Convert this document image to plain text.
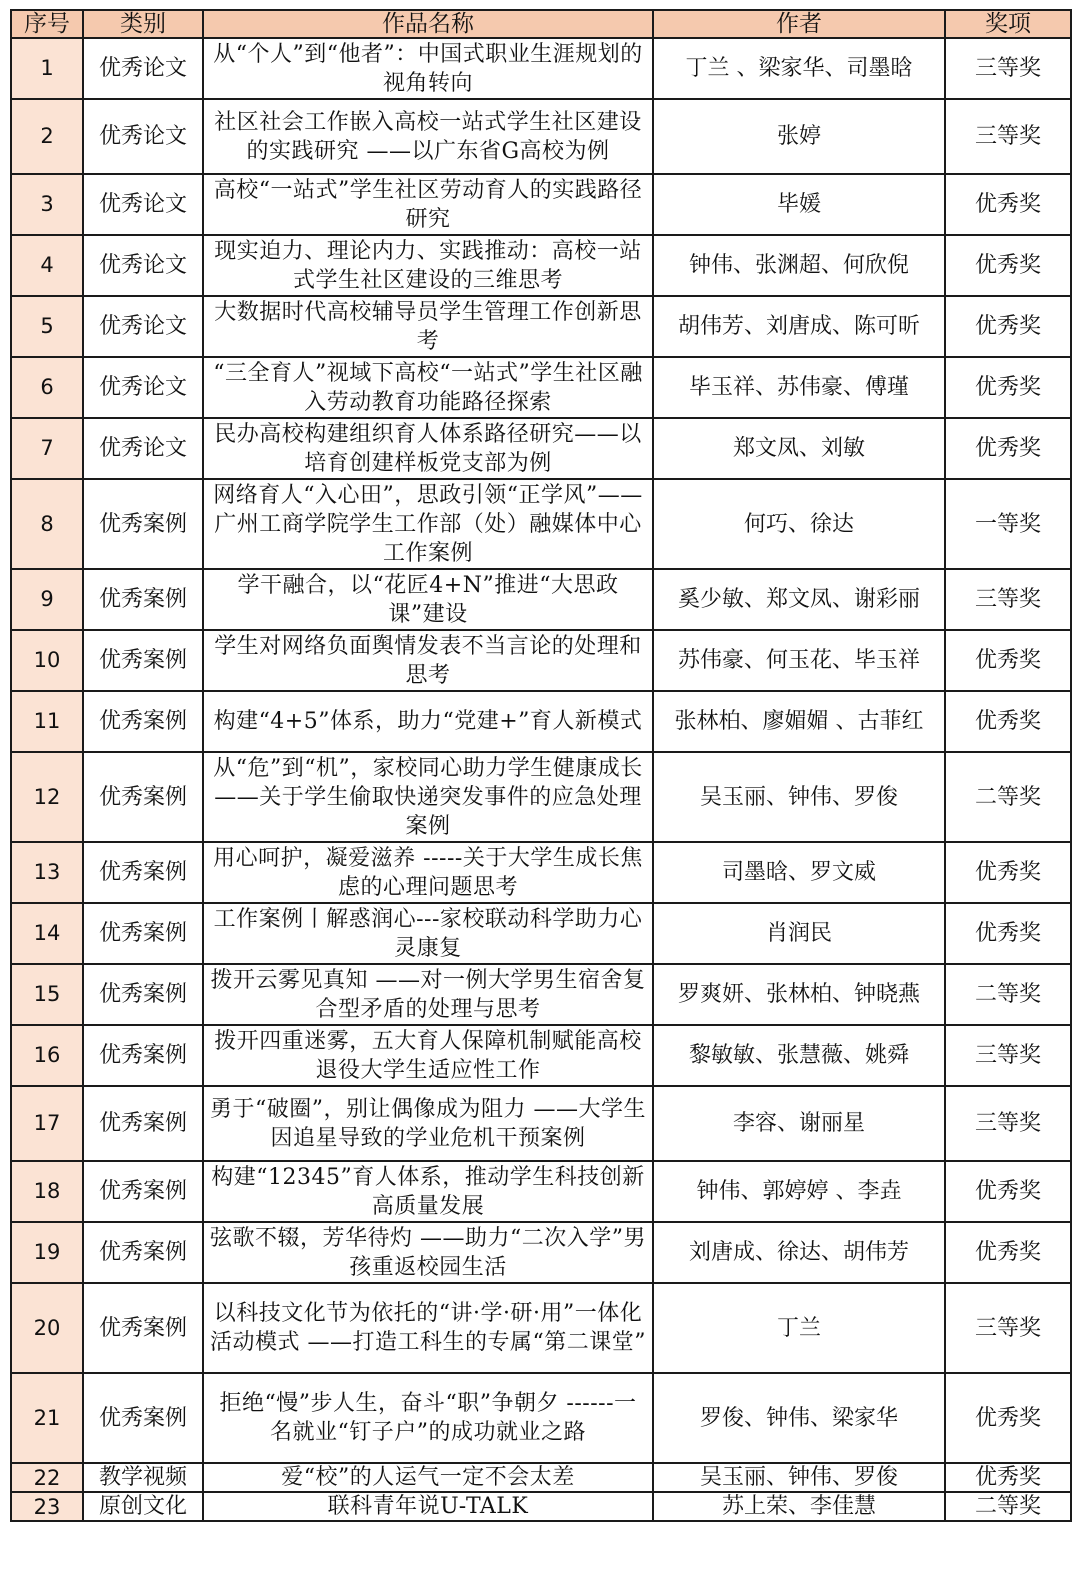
序号	类别	作品名称	作者	奖项
1	优秀论文	从“个人”到“他者”：中国式职业生涯规划的视角转向	丁兰 、梁家华、司墨晗	三等奖
2	优秀论文	社区社会工作嵌入高校一站式学生社区建设的实践研究 ——以广东省G高校为例	张婷	三等奖
3	优秀论文	高校“一站式”学生社区劳动育人的实践路径研究	毕媛	优秀奖
4	优秀论文	现实迫力、理论内力、实践推动：高校一站式学生社区建设的三维思考	钟伟、张渊超、何欣倪	优秀奖
5	优秀论文	大数据时代高校辅导员学生管理工作创新思考	胡伟芳、刘唐成、陈可昕	优秀奖
6	优秀论文	“三全育人”视域下高校“一站式”学生社区融入劳动教育功能路径探索	毕玉祥、苏伟豪、傅瑾	优秀奖
7	优秀论文	民办高校构建组织育人体系路径研究——以培育创建样板党支部为例	郑文凤、刘敏	优秀奖
8	优秀案例	网络育人“入心田”，思政引领“正学风”——广州工商学院学生工作部（处）融媒体中心工作案例	何巧、徐达	一等奖
9	优秀案例	学干融合，以“花匠4+N”推进“大思政课”建设	奚少敏、郑文凤、谢彩丽	三等奖
10	优秀案例	学生对网络负面舆情发表不当言论的处理和思考	苏伟豪、何玉花、毕玉祥	优秀奖
11	优秀案例	构建“4+5”体系，助力“党建+”育人新模式	张林柏、廖媚媚 、古菲红	优秀奖
12	优秀案例	从“危”到“机”，家校同心助力学生健康成长 ——关于学生偷取快递突发事件的应急处理案例	吴玉丽、钟伟、罗俊	二等奖
13	优秀案例	用心呵护，凝爱滋养 -----关于大学生成长焦虑的心理问题思考	司墨晗、罗文威	优秀奖
14	优秀案例	工作案例丨解惑润心---家校联动科学助力心灵康复	肖润民	优秀奖
15	优秀案例	拨开云雾见真知 ——对一例大学男生宿舍复合型矛盾的处理与思考	罗爽妍、张林柏、钟晓燕	二等奖
16	优秀案例	拨开四重迷雾，五大育人保障机制赋能高校退役大学生适应性工作	黎敏敏、张慧薇、姚舜	三等奖
17	优秀案例	勇于“破圈”，别让偶像成为阻力 ——大学生因追星导致的学业危机干预案例	李容、谢丽星	三等奖
18	优秀案例	构建“12345”育人体系，推动学生科技创新高质量发展	钟伟、郭婷婷 、李垚	优秀奖
19	优秀案例	弦歌不辍，芳华待灼 ——助力“二次入学”男孩重返校园生活	刘唐成、徐达、胡伟芳	优秀奖
20	优秀案例	以科技文化节为依托的“讲·学·研·用”一体化活动模式 ——打造工科生的专属“第二课堂”	丁兰	三等奖
21	优秀案例	拒绝“慢”步人生，奋斗“职”争朝夕 ------一名就业“钉子户”的成功就业之路	罗俊、钟伟、梁家华	优秀奖
22	教学视频	爱“校”的人运气一定不会太差	吴玉丽、钟伟、罗俊	优秀奖
23	原创文化	联科青年说U-TALK	苏上荣、李佳慧	二等奖
